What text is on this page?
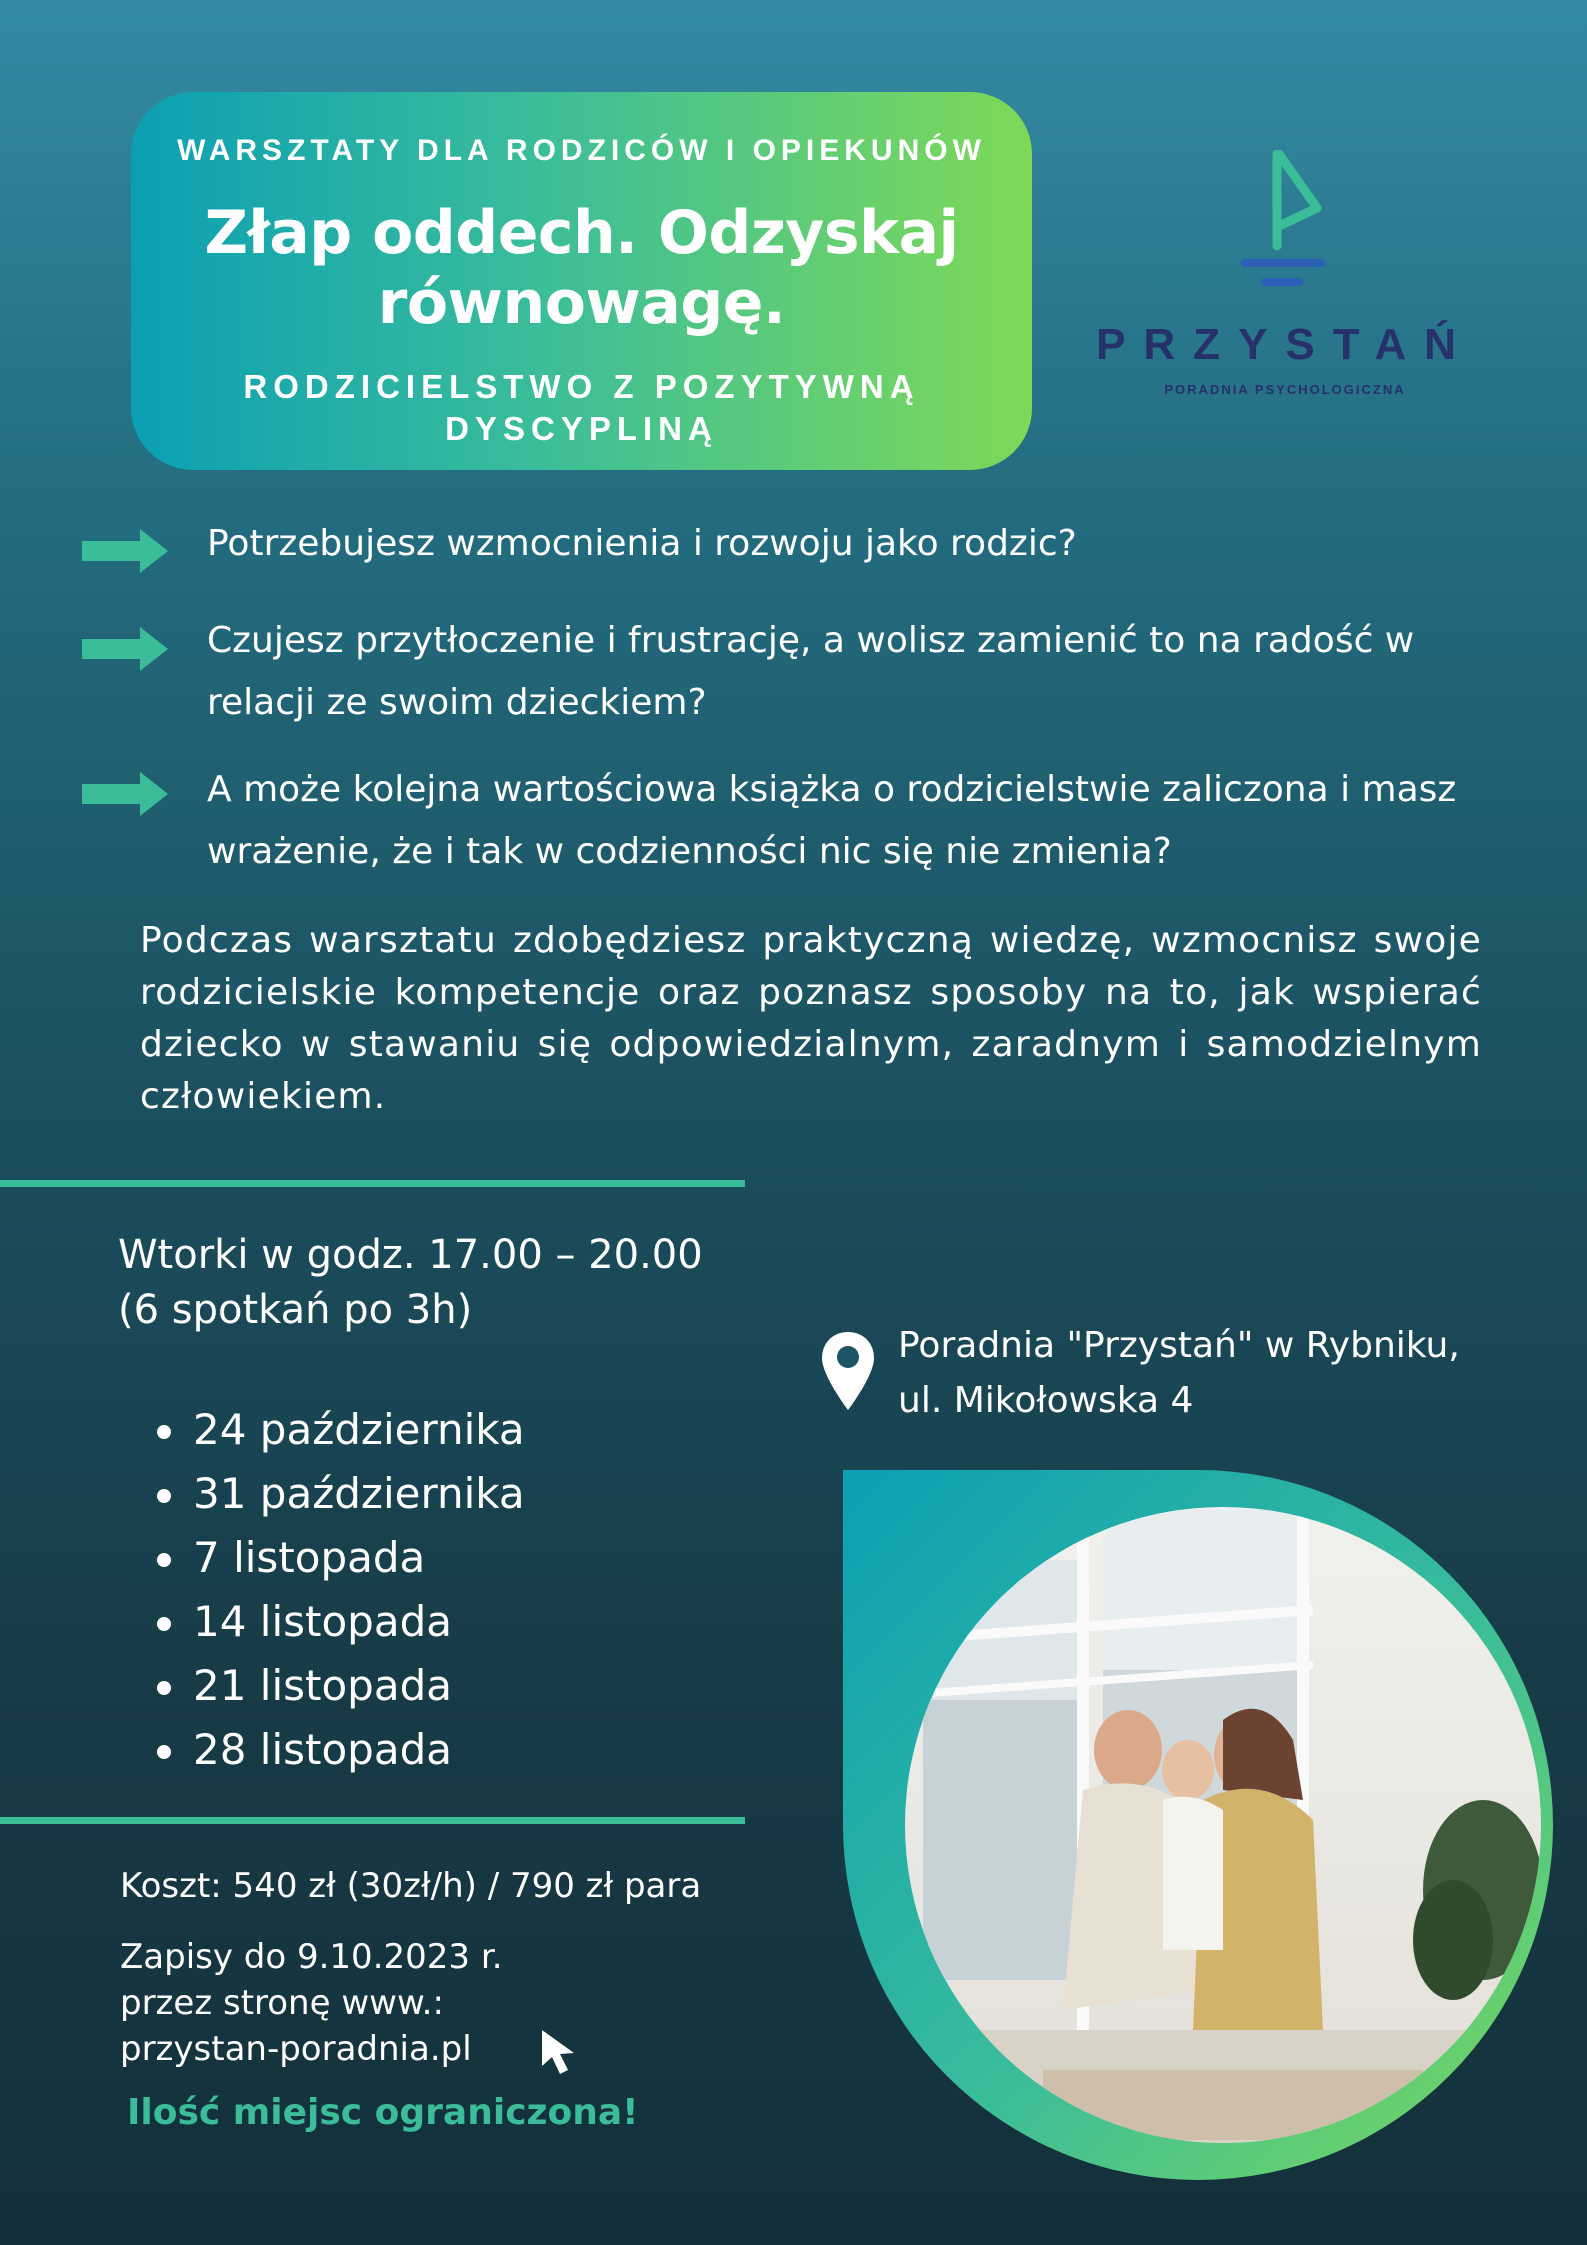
WARSZTATY DLA RODZICÓW I OPIEKUNÓW
Złap oddech. Odzyskaj
równowagę.
RODZICIELSTWO Z POZYTYWNĄ DYSCYPLINĄ
PRZYSTAŃ
PORADNIA PSYCHOLOGICZNA
Potrzebujesz wzmocnienia i rozwoju jako rodzic?
Czujesz przytłoczenie i frustrację, a wolisz zamienić to na radość w relacji ze swoim dzieckiem?
A może kolejna wartościowa książka o rodzicielstwie zaliczona i masz wrażenie, że i tak w codzienności nic się nie zmienia?
Podczas warsztatu zdobędziesz praktyczną wiedzę, wzmocnisz swoje rodzicielskie kompetencje oraz poznasz sposoby na to, jak wspierać dziecko w stawaniu się odpowiedzialnym, zaradnym i samodzielnym człowiekiem.
Wtorki w godz. 17.00 – 20.00
(6 spotkań po 3h)
24 października
31 października
7 listopada
14 listopada
21 listopada
28 listopada
Poradnia "Przystań" w Rybniku,
ul. Mikołowska 4
Koszt: 540 zł (30zł/h) / 790 zł para
Zapisy do 9.10.2023 r.
przez stronę www.:
przystan-poradnia.pl
Ilość miejsc ograniczona!
